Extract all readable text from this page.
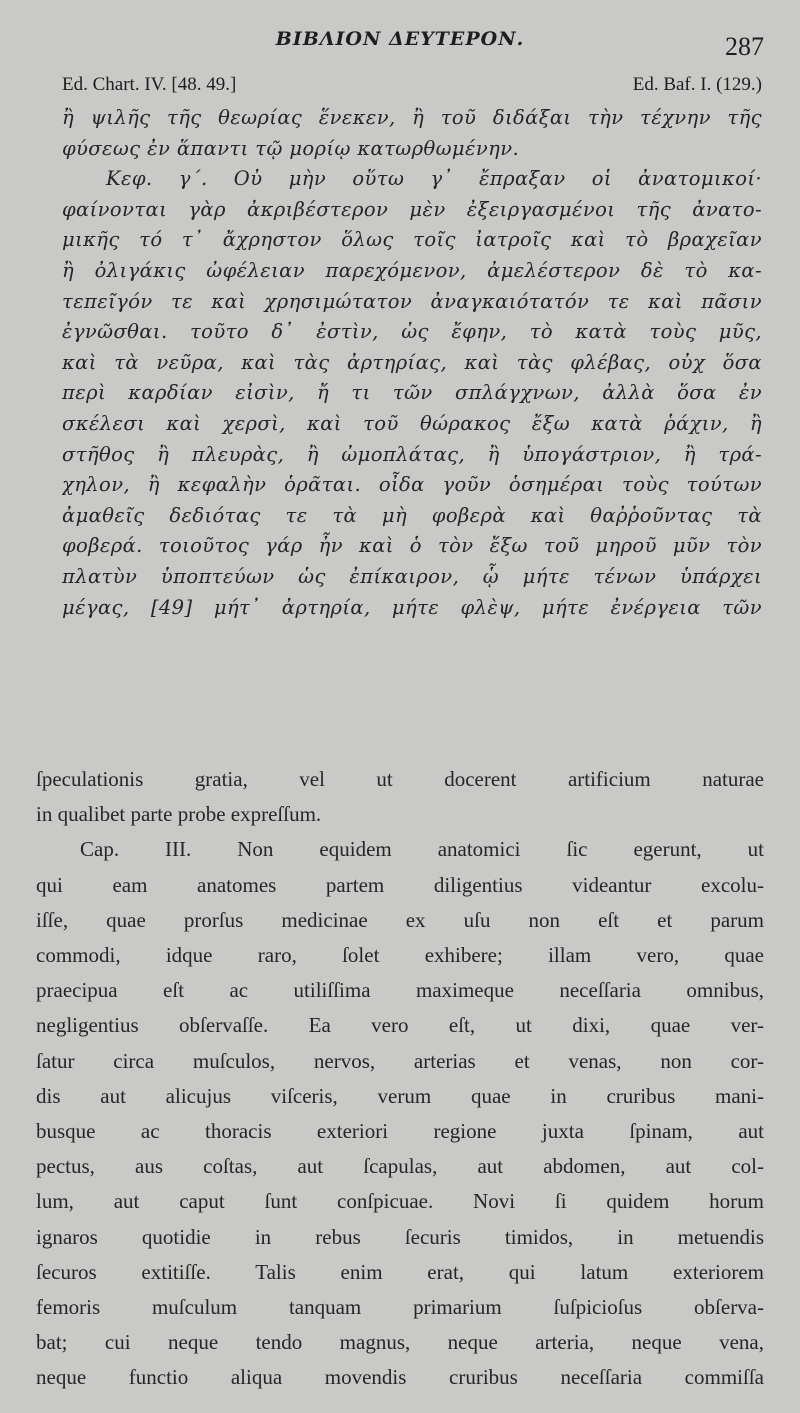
BIBΛΙΟΝ ΔΕΥΤΕΡΟΝ.	287
Ed. Chart. IV. [48. 49.]	Ed. Baf. I. (129.)
ἢ ψιλῆς τῆς θεωρίας ἕνεκεν, ἢ τοῦ διδάξαι τὴν τέχνην τῆς
φύσεως ἐν ἅπαντι τῷ μορίῳ κατωρθωμένην.
Κεφ. γ΄. Οὐ μὴν οὕτω γ᾽ ἔπραξαν οἱ ἀνατομικοί·
φαίνονται γὰρ ἀκριβέστερον μὲν ἐξειργασμένοι τῆς ἀνατο-
μικῆς τό τ᾽ ἄχρηστον ὅλως τοῖς ἰατροῖς καὶ τὸ βραχεῖαν
ἢ ὀλιγάκις ὠφέλειαν παρεχόμενον, ἀμελέστερον δὲ τὸ κα-
τεπεῖγόν τε καὶ χρησιμώτατον ἀναγκαιότατόν τε καὶ πᾶσιν
ἐγνῶσθαι. τοῦτο δ᾽ ἐστὶν, ὡς ἔφην, τὸ κατὰ τοὺς μῦς,
καὶ τὰ νεῦρα, καὶ τὰς ἀρτηρίας, καὶ τὰς φλέβας, οὐχ ὅσα
περὶ καρδίαν εἰσὶν, ἤ τι τῶν σπλάγχνων, ἀλλὰ ὅσα ἐν
σκέλεσι καὶ χερσὶ, καὶ τοῦ θώρακος ἔξω κατὰ ῥάχιν, ἢ
στῆθος ἢ πλευρὰς, ἢ ὠμοπλάτας, ἢ ὑπογάστριον, ἢ τρά-
χηλον, ἢ κεφαλὴν ὁρᾶται. οἶδα γοῦν ὁσημέραι τοὺς τούτων
ἀμαθεῖς δεδιότας τε τὰ μὴ φοβερὰ καὶ θαῤῥοῦντας τὰ
φοβερά. τοιοῦτος γάρ ἦν καὶ ὁ τὸν ἔξω τοῦ μηροῦ μῦν τὸν
πλατὺν ὑποπτεύων ὡς ἐπίκαιρον, ᾧ μήτε τένων ὑπάρχει
μέγας, [49] μήτ᾽ ἀρτηρία, μήτε φλὲψ, μήτε ἐνέργεια τῶν
ſpeculationis gratia, vel ut docerent artificium naturae
in qualibet parte probe expreſſum.
Cap. III. Non equidem anatomici ſic egerunt, ut
qui eam anatomes partem diligentius videantur excolu-
iſſe, quae prorſus medicinae ex uſu non eſt et parum
commodi, idque raro, ſolet exhibere; illam vero, quae
praecipua eſt ac utiliſſima maximeque neceſſaria omnibus,
negligentius obſervaſſe. Ea vero eſt, ut dixi, quae ver-
ſatur circa muſculos, nervos, arterias et venas, non cor-
dis aut alicujus viſceris, verum quae in cruribus mani-
busque ac thoracis exteriori regione juxta ſpinam, aut
pectus, aus coſtas, aut ſcapulas, aut abdomen, aut col-
lum, aut caput ſunt conſpicuae. Novi ſi quidem horum
ignaros quotidie in rebus ſecuris timidos, in metuendis
ſecuros extitiſſe. Talis enim erat, qui latum exteriorem
femoris muſculum tanquam primarium ſuſpicioſus obſerva-
bat; cui neque tendo magnus, neque arteria, neque vena,
neque functio aliqua movendis cruribus neceſſaria commiſſa
